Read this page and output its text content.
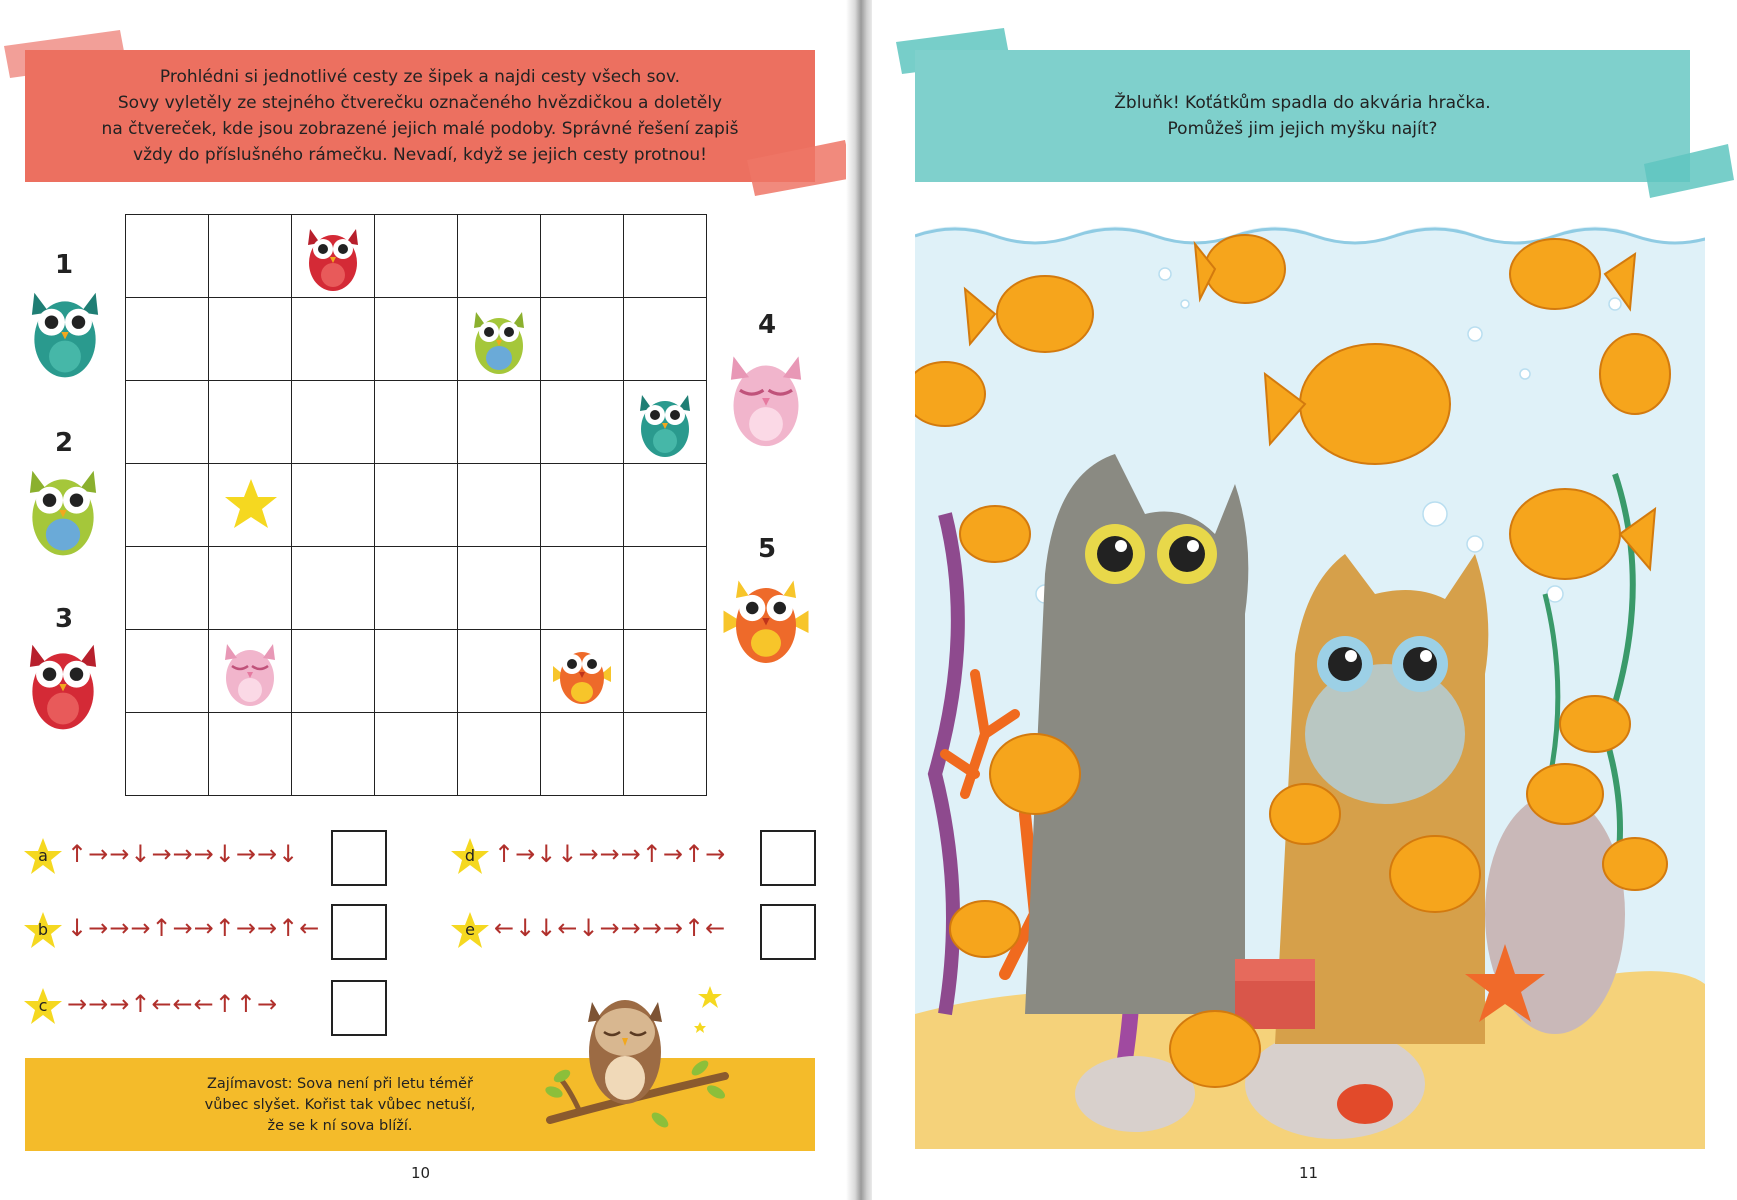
Prohlédni si jednotlivé cesty ze šipek a najdi cesty všech sov.
Sovy vyletěly ze stejného čtverečku označeného hvězdičkou a doletěly
na čtvereček, kde jsou zobrazené jejich malé podoby. Správné řešení zapiš
vždy do příslušného rámečku. Nevadí, když se jejich cesty protnou!

1
2
3
4
5
a ↑→→↓→→→↓→→↓
b ↓→→→↑→→↑→→↑←
c →→→↑←←←↑↑→
d ↑→↓↓→→→↑→↑→
e ←↓↓←↓→→→→↑←
Zajímavost: Sova není při letu téměř
vůbec slyšet. Kořist tak vůbec netuší,
že se k ní sova blíží.
10
Žbluňk! Koťátkům spadla do akvária hračka.
Pomůžeš jim jejich myšku najít?
11
